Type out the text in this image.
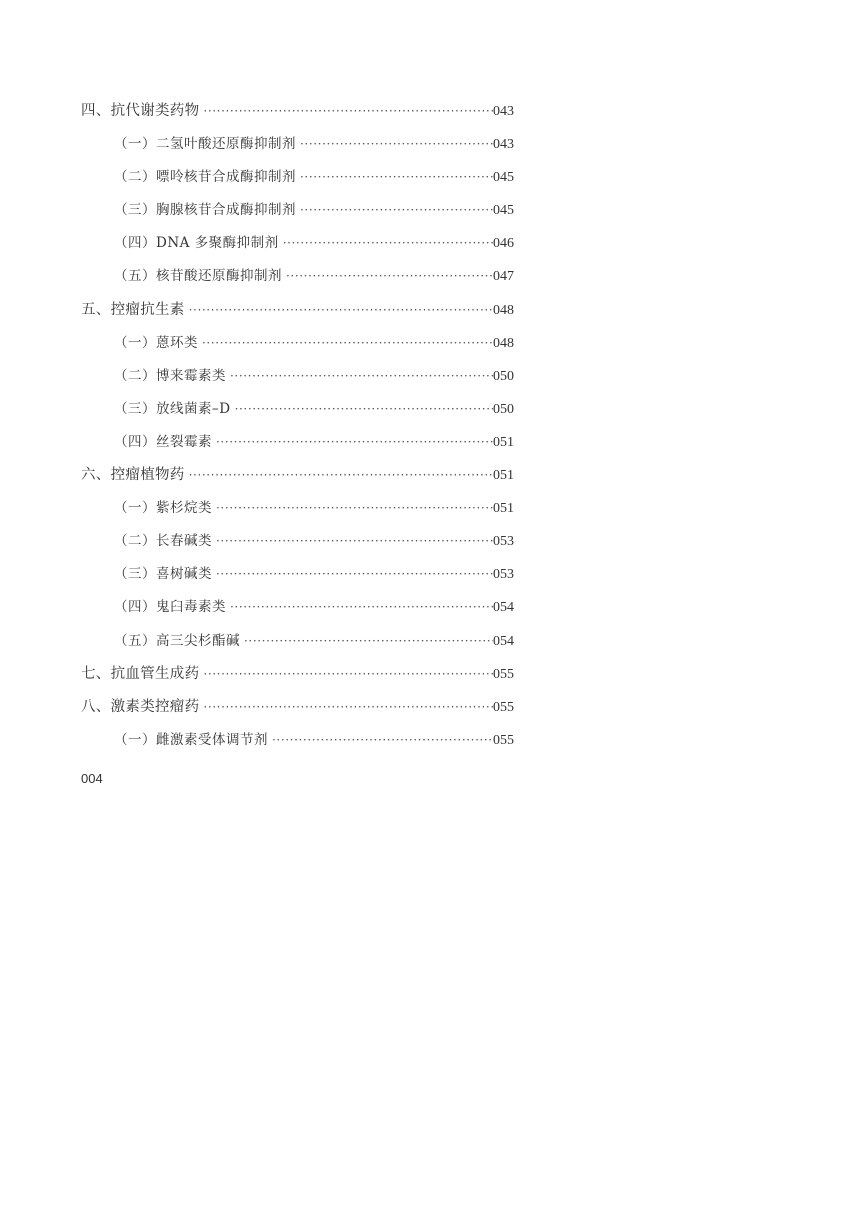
四、抗代谢类药物 ·····	043
（一）二氢叶酸还原酶抑制剂 ·····	043
（二）嘌呤核苷合成酶抑制剂 ·····	045
（三）胸腺核苷合成酶抑制剂 ·····	045
（四）DNA 多聚酶抑制剂 ·····	046
（五）核苷酸还原酶抑制剂 ·····	047
五、控瘤抗生素 ·····	048
（一）蒽环类 ·····	048
（二）博来霉素类 ·····	050
（三）放线菌素–D ·····	050
（四）丝裂霉素 ·····	051
六、控瘤植物药 ·····	051
（一）紫杉烷类 ·····	051
（二）长春碱类 ·····	053
（三）喜树碱类 ·····	053
（四）鬼臼毒素类 ·····	054
（五）高三尖杉酯碱 ·····	054
七、抗血管生成药 ·····	055
八、激素类控瘤药 ·····	055
（一）雌激素受体调节剂 ·····	055
004
